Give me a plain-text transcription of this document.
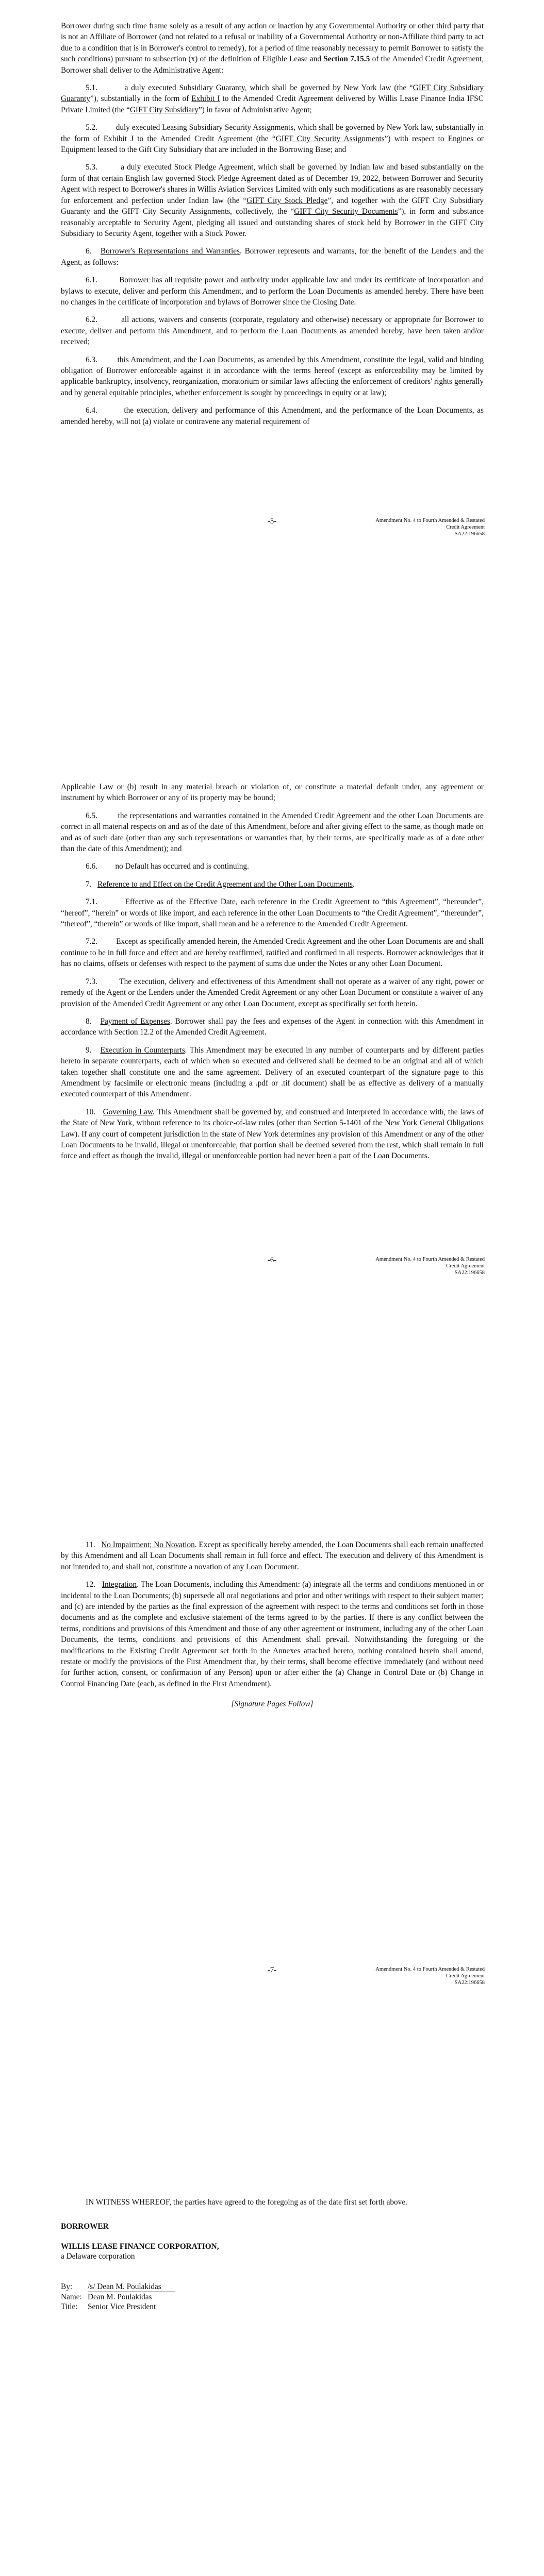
Borrower during such time frame solely as a result of any action or inaction by any Governmental Authority or other third party that is not an Affiliate of Borrower (and not related to a refusal or inability of a Governmental Authority or non-Affiliate third party to act due to a condition that is in Borrower's control to remedy), for a period of time reasonably necessary to permit Borrower to satisfy the such conditions) pursuant to subsection (x) of the definition of Eligible Lease and Section 7.15.5 of the Amended Credit Agreement, Borrower shall deliver to the Administrative Agent:

5.1.         a duly executed Subsidiary Guaranty, which shall be governed by New York law (the “GIFT City Subsidiary Guaranty”), substantially in the form of Exhibit I to the Amended Credit Agreement delivered by Willis Lease Finance India IFSC Private Limited (the “GIFT City Subsidiary”) in favor of Administrative Agent;

5.2.         duly executed Leasing Subsidiary Security Assignments, which shall be governed by New York law, substantially in the form of Exhibit J to the Amended Credit Agreement (the “GIFT City Security Assignments”) with respect to Engines or Equipment leased to the Gift City Subsidiary that are included in the Borrowing Base; and

5.3.         a duly executed Stock Pledge Agreement, which shall be governed by Indian law and based substantially on the form of that certain English law governed Stock Pledge Agreement dated as of December 19, 2022, between Borrower and Security Agent with respect to Borrower's shares in Willis Aviation Services Limited with only such modifications as are reasonably necessary for enforcement and perfection under Indian law (the “GIFT City Stock Pledge”, and together with the GIFT City Subsidiary Guaranty and the GIFT City Security Assignments, collectively, the “GIFT City Security Documents”), in form and substance reasonably acceptable to Security Agent, pledging all issued and outstanding shares of stock held by Borrower in the GIFT City Subsidiary to Security Agent, together with a Stock Power.

6. Borrower's Representations and Warranties. Borrower represents and warrants, for the benefit of the Lenders and the Agent, as follows:

6.1.         Borrower has all requisite power and authority under applicable law and under its certificate of incorporation and bylaws to execute, deliver and perform this Amendment, and to perform the Loan Documents as amended hereby. There have been no changes in the certificate of incorporation and bylaws of Borrower since the Closing Date.

6.2.         all actions, waivers and consents (corporate, regulatory and otherwise) necessary or appropriate for Borrower to execute, deliver and perform this Amendment, and to perform the Loan Documents as amended hereby, have been taken and/or received;

6.3.         this Amendment, and the Loan Documents, as amended by this Amendment, constitute the legal, valid and binding obligation of Borrower enforceable against it in accordance with the terms hereof (except as enforceability may be limited by applicable bankruptcy, insolvency, reorganization, moratorium or similar laws affecting the enforcement of creditors' rights generally and by general equitable principles, whether enforcement is sought by proceedings in equity or at law);

6.4.         the execution, delivery and performance of this Amendment, and the performance of the Loan Documents, as amended hereby, will not (a) violate or contravene any material requirement of

-5-	Amendment No. 4 to Fourth Amended & Restated
Credit Agreement
SA22:196658

Applicable Law or (b) result in any material breach or violation of, or constitute a material default under, any agreement or instrument by which Borrower or any of its property may be bound;

6.5.         the representations and warranties contained in the Amended Credit Agreement and the other Loan Documents are correct in all material respects on and as of the date of this Amendment, before and after giving effect to the same, as though made on and as of such date (other than any such representations or warranties that, by their terms, are specifically made as of a date other than the date of this Amendment); and

6.6.         no Default has occurred and is continuing.

7. Reference to and Effect on the Credit Agreement and the Other Loan Documents.

7.1.         Effective as of the Effective Date, each reference in the Credit Agreement to “this Agreement”, “hereunder”, “hereof”, “herein” or words of like import, and each reference in the other Loan Documents to “the Credit Agreement”, “thereunder”, “thereof”, “therein” or words of like import, shall mean and be a reference to the Amended Credit Agreement.

7.2.         Except as specifically amended herein, the Amended Credit Agreement and the other Loan Documents are and shall continue to be in full force and effect and are hereby reaffirmed, ratified and confirmed in all respects. Borrower acknowledges that it has no claims, offsets or defenses with respect to the payment of sums due under the Notes or any other Loan Document.

7.3.         The execution, delivery and effectiveness of this Amendment shall not operate as a waiver of any right, power or remedy of the Agent or the Lenders under the Amended Credit Agreement or any other Loan Document or constitute a waiver of any provision of the Amended Credit Agreement or any other Loan Document, except as specifically set forth herein.

8. Payment of Expenses. Borrower shall pay the fees and expenses of the Agent in connection with this Amendment in accordance with Section 12.2 of the Amended Credit Agreement.

9. Execution in Counterparts. This Amendment may be executed in any number of counterparts and by different parties hereto in separate counterparts, each of which when so executed and delivered shall be deemed to be an original and all of which taken together shall constitute one and the same agreement. Delivery of an executed counterpart of the signature page to this Amendment by facsimile or electronic means (including a .pdf or .tif document) shall be as effective as delivery of a manually executed counterpart of this Amendment.

10. Governing Law. This Amendment shall be governed by, and construed and interpreted in accordance with, the laws of the State of New York, without reference to its choice-of-law rules (other than Section 5-1401 of the New York General Obligations Law). If any court of competent jurisdiction in the state of New York determines any provision of this Amendment or any of the other Loan Documents to be invalid, illegal or unenforceable, that portion shall be deemed severed from the rest, which shall remain in full force and effect as though the invalid, illegal or unenforceable portion had never been a part of the Loan Documents.

-6-	Amendment No. 4 to Fourth Amended & Restated
Credit Agreement
SA22:196658

11. No Impairment; No Novation. Except as specifically hereby amended, the Loan Documents shall each remain unaffected by this Amendment and all Loan Documents shall remain in full force and effect. The execution and delivery of this Amendment is not intended to, and shall not, constitute a novation of any Loan Document.

12. Integration. The Loan Documents, including this Amendment: (a) integrate all the terms and conditions mentioned in or incidental to the Loan Documents; (b) supersede all oral negotiations and prior and other writings with respect to their subject matter; and (c) are intended by the parties as the final expression of the agreement with respect to the terms and conditions set forth in those documents and as the complete and exclusive statement of the terms agreed to by the parties. If there is any conflict between the terms, conditions and provisions of this Amendment and those of any other agreement or instrument, including any of the other Loan Documents, the terms, conditions and provisions of this Amendment shall prevail. Notwithstanding the foregoing or the modifications to the Existing Credit Agreement set forth in the Annexes attached hereto, nothing contained herein shall amend, restate or modify the provisions of the First Amendment that, by their terms, shall become effective immediately (and without need for further action, consent, or confirmation of any Person) upon or after either the (a) Change in Control Date or (b) Change in Control Financing Date (each, as defined in the First Amendment).

[Signature Pages Follow]

-7-	Amendment No. 4 to Fourth Amended & Restated
Credit Agreement
SA22:196658

IN WITNESS WHEREOF, the parties have agreed to the foregoing as of the date first set forth above.

BORROWER

WILLIS LEASE FINANCE CORPORATION,

a Delaware corporation

By: /s/ Dean M. Poulakidas

Name: Dean M. Poulakidas

Title: Senior Vice President
